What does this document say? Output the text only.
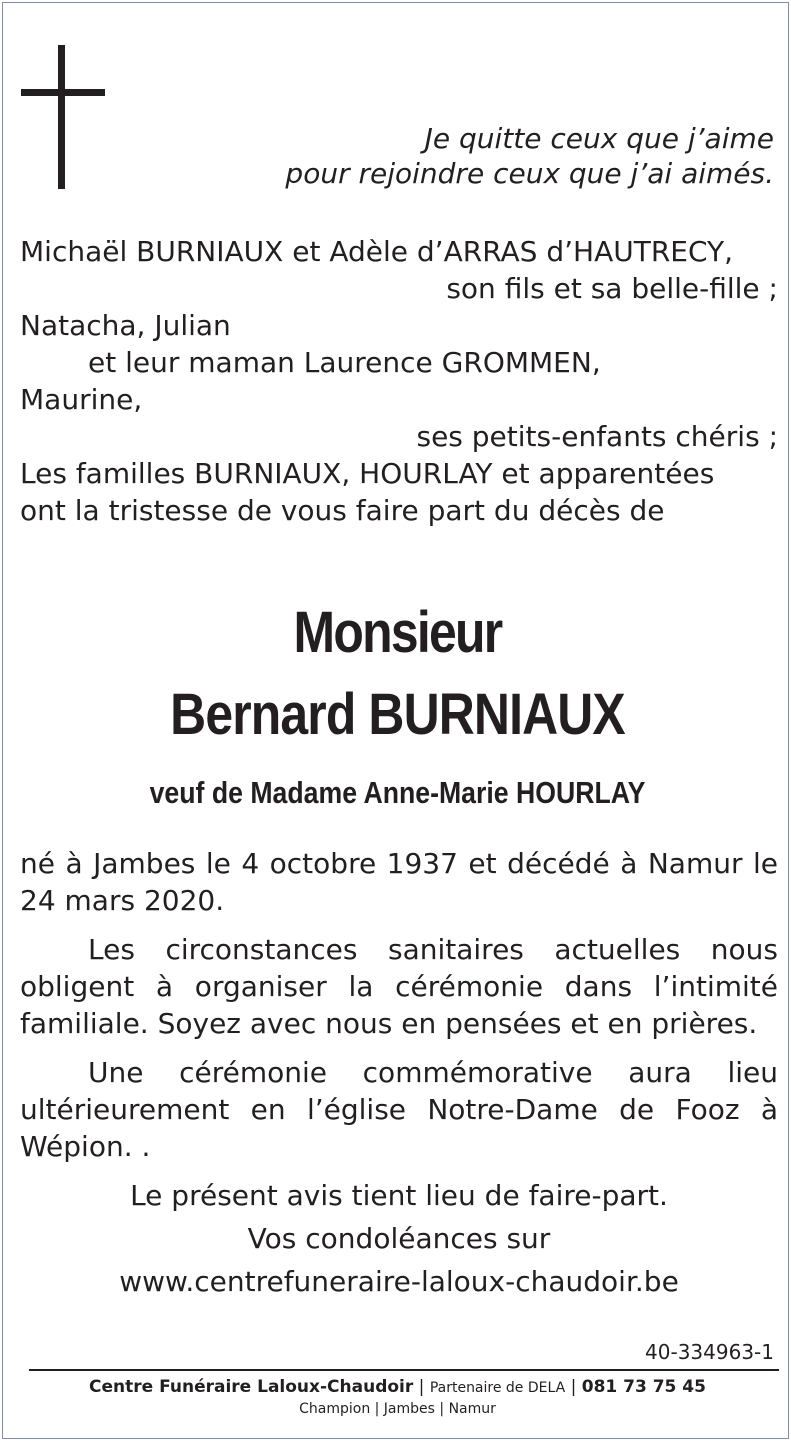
Je quitte ceux que j’aime
pour rejoindre ceux que j’ai aimés.
Michaël BURNIAUX et Adèle d’ARRAS d’HAUTRECY,
son fils et sa belle-fille ;
Natacha, Julian
et leur maman Laurence GROMMEN,
Maurine,
ses petits-enfants chéris ;
Les familles BURNIAUX, HOURLAY et apparentées
ont la tristesse de vous faire part du décès de
Monsieur
Bernard BURNIAUX
veuf de Madame Anne-Marie HOURLAY
né à Jambes le 4 octobre 1937 et décédé à Namur le 24 mars 2020.
Les circonstances sanitaires actuelles nous obligent à organiser la cérémonie dans l’intimité familiale. Soyez avec nous en pensées et en prières.
Une cérémonie commémorative aura lieu ultérieurement en l’église Notre-Dame de Fooz à Wépion. .
Le présent avis tient lieu de faire-part.
Vos condoléances sur
www.centrefuneraire-laloux-chaudoir.be
40-334963-1
Centre Funéraire Laloux-Chaudoir | Partenaire de DELA | 081 73 75 45
Champion | Jambes | Namur
